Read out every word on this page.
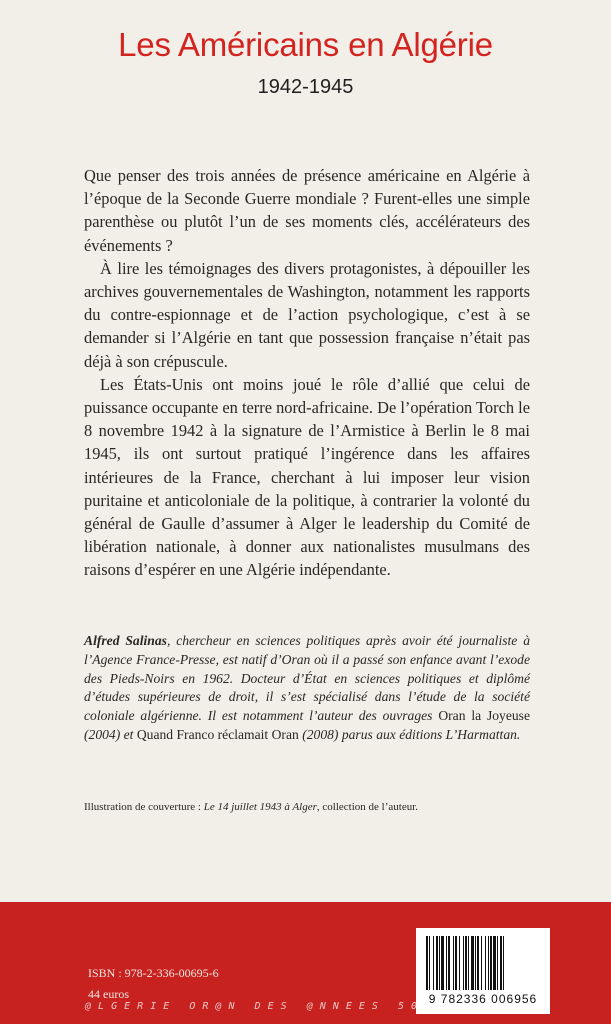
Les Américains en Algérie
1942-1945

Que penser des trois années de présence américaine en Algérie à l’époque de la Seconde Guerre mondiale ? Furent-elles une simple parenthèse ou plutôt l’un de ses moments clés, accélérateurs des événements ?

À lire les témoignages des divers protagonistes, à dépouiller les archives gouvernementales de Washington, notamment les rapports du contre-espionnage et de l’action psychologique, c’est à se demander si l’Algérie en tant que possession française n’était pas déjà à son crépuscule.

Les États-Unis ont moins joué le rôle d’allié que celui de puissance occupante en terre nord-africaine. De l’opération Torch le 8 novembre 1942 à la signature de l’Armistice à Berlin le 8 mai 1945, ils ont surtout pratiqué l’ingérence dans les affaires intérieures de la France, cherchant à lui imposer leur vision puritaine et anticoloniale de la politique, à contrarier la volonté du général de Gaulle d’assumer à Alger le leadership du Comité de libération nationale, à donner aux nationalistes musulmans des raisons d’espérer en une Algérie indépendante.

Alfred Salinas, chercheur en sciences politiques après avoir été journaliste à l’Agence France-Presse, est natif d’Oran où il a passé son enfance avant l’exode des Pieds-Noirs en 1962. Docteur d’État en sciences politiques et diplômé d’études supérieures de droit, il s’est spécialisé dans l’étude de la société coloniale algérienne. Il est notamment l’auteur des ouvrages Oran la Joyeuse (2004) et Quand Franco réclamait Oran (2008) parus aux éditions L’Harmattan.
Illustration de couverture : Le 14 juillet 1943 à Alger, collection de l’auteur.
ISBN : 978-2-336-00695-6
44 euros	9 782336 006956
@ L G E R I E   O R @ N   D E S   @ N N E E S   5 0
